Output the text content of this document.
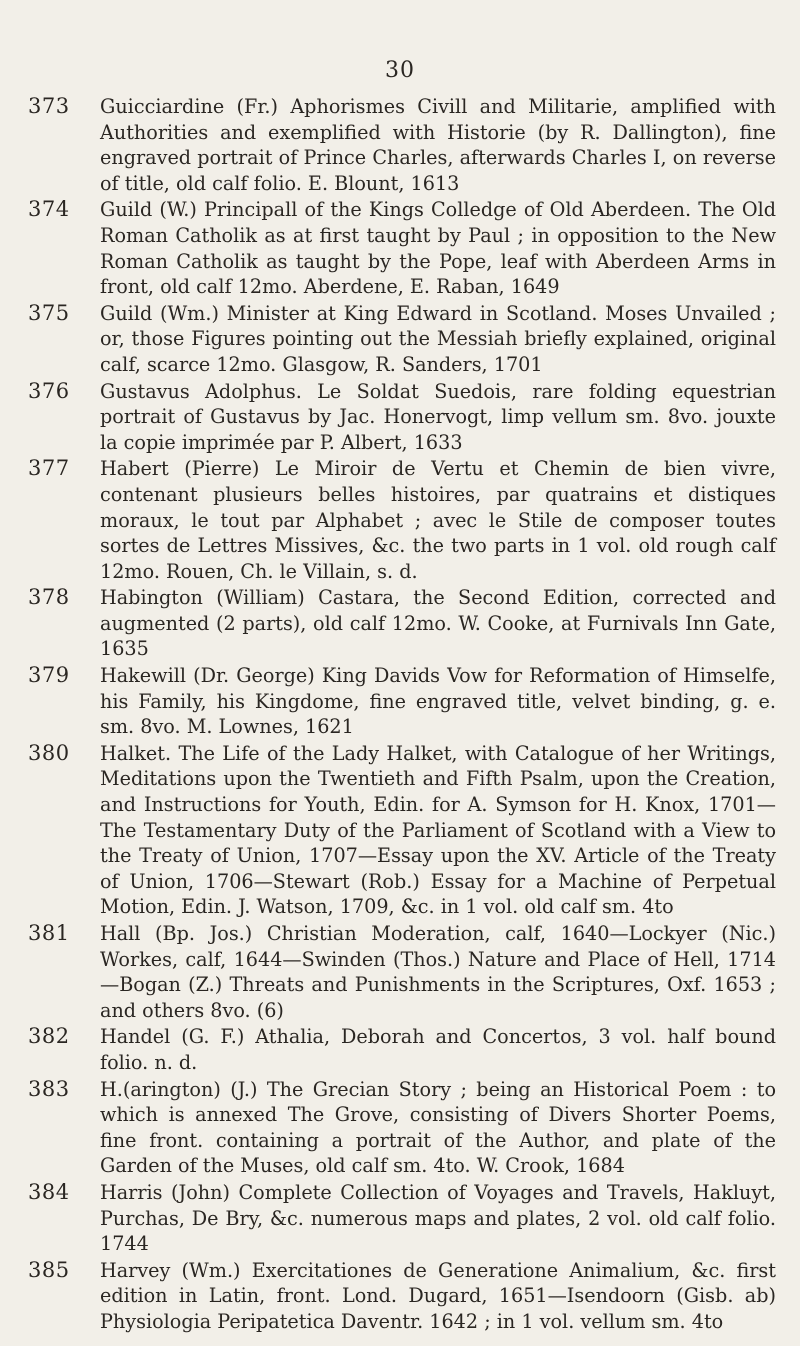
30
373 Guicciardine (Fr.) Aphorismes Civill and Militarie, amplified with Authorities and exemplified with Historie (by R. Dallington), fine engraved portrait of Prince Charles, afterwards Charles I, on reverse of title, old calf folio. E. Blount, 1613
374 Guild (W.) Principall of the Kings Colledge of Old Aberdeen. The Old Roman Catholik as at first taught by Paul ; in opposition to the New Roman Catholik as taught by the Pope, leaf with Aberdeen Arms in front, old calf 12mo. Aberdene, E. Raban, 1649
375 Guild (Wm.) Minister at King Edward in Scotland. Moses Unvailed ; or, those Figures pointing out the Messiah briefly explained, original calf, scarce 12mo. Glasgow, R. Sanders, 1701
376 Gustavus Adolphus. Le Soldat Suedois, rare folding equestrian portrait of Gustavus by Jac. Honervogt, limp vellum sm. 8vo. jouxte la copie imprimée par P. Albert, 1633
377 Habert (Pierre) Le Miroir de Vertu et Chemin de bien vivre, contenant plusieurs belles histoires, par quatrains et distiques moraux, le tout par Alphabet ; avec le Stile de composer toutes sortes de Lettres Missives, &c. the two parts in 1 vol. old rough calf 12mo. Rouen, Ch. le Villain, s. d.
378 Habington (William) Castara, the Second Edition, corrected and augmented (2 parts), old calf 12mo. W. Cooke, at Furnivals Inn Gate, 1635
379 Hakewill (Dr. George) King Davids Vow for Reformation of Himselfe, his Family, his Kingdome, fine engraved title, velvet binding, g. e. sm. 8vo. M. Lownes, 1621
380 Halket. The Life of the Lady Halket, with Catalogue of her Writings, Meditations upon the Twentieth and Fifth Psalm, upon the Creation, and Instructions for Youth, Edin. for A. Symson for H. Knox, 1701—The Testamentary Duty of the Parliament of Scotland with a View to the Treaty of Union, 1707—Essay upon the XV. Article of the Treaty of Union, 1706—Stewart (Rob.) Essay for a Machine of Perpetual Motion, Edin. J. Watson, 1709, &c. in 1 vol. old calf sm. 4to
381 Hall (Bp. Jos.) Christian Moderation, calf, 1640—Lockyer (Nic.) Workes, calf, 1644—Swinden (Thos.) Nature and Place of Hell, 1714—Bogan (Z.) Threats and Punishments in the Scriptures, Oxf. 1653 ; and others 8vo. (6)
382 Handel (G. F.) Athalia, Deborah and Concertos, 3 vol. half bound folio. n. d.
383 H.(arington) (J.) The Grecian Story ; being an Historical Poem : to which is annexed The Grove, consisting of Divers Shorter Poems, fine front. containing a portrait of the Author, and plate of the Garden of the Muses, old calf sm. 4to. W. Crook, 1684
384 Harris (John) Complete Collection of Voyages and Travels, Hakluyt, Purchas, De Bry, &c. numerous maps and plates, 2 vol. old calf folio. 1744
385 Harvey (Wm.) Exercitationes de Generatione Animalium, &c. first edition in Latin, front. Lond. Dugard, 1651—Isendoorn (Gisb. ab) Physiologia Peripatetica Daventr. 1642 ; in 1 vol. vellum sm. 4to
